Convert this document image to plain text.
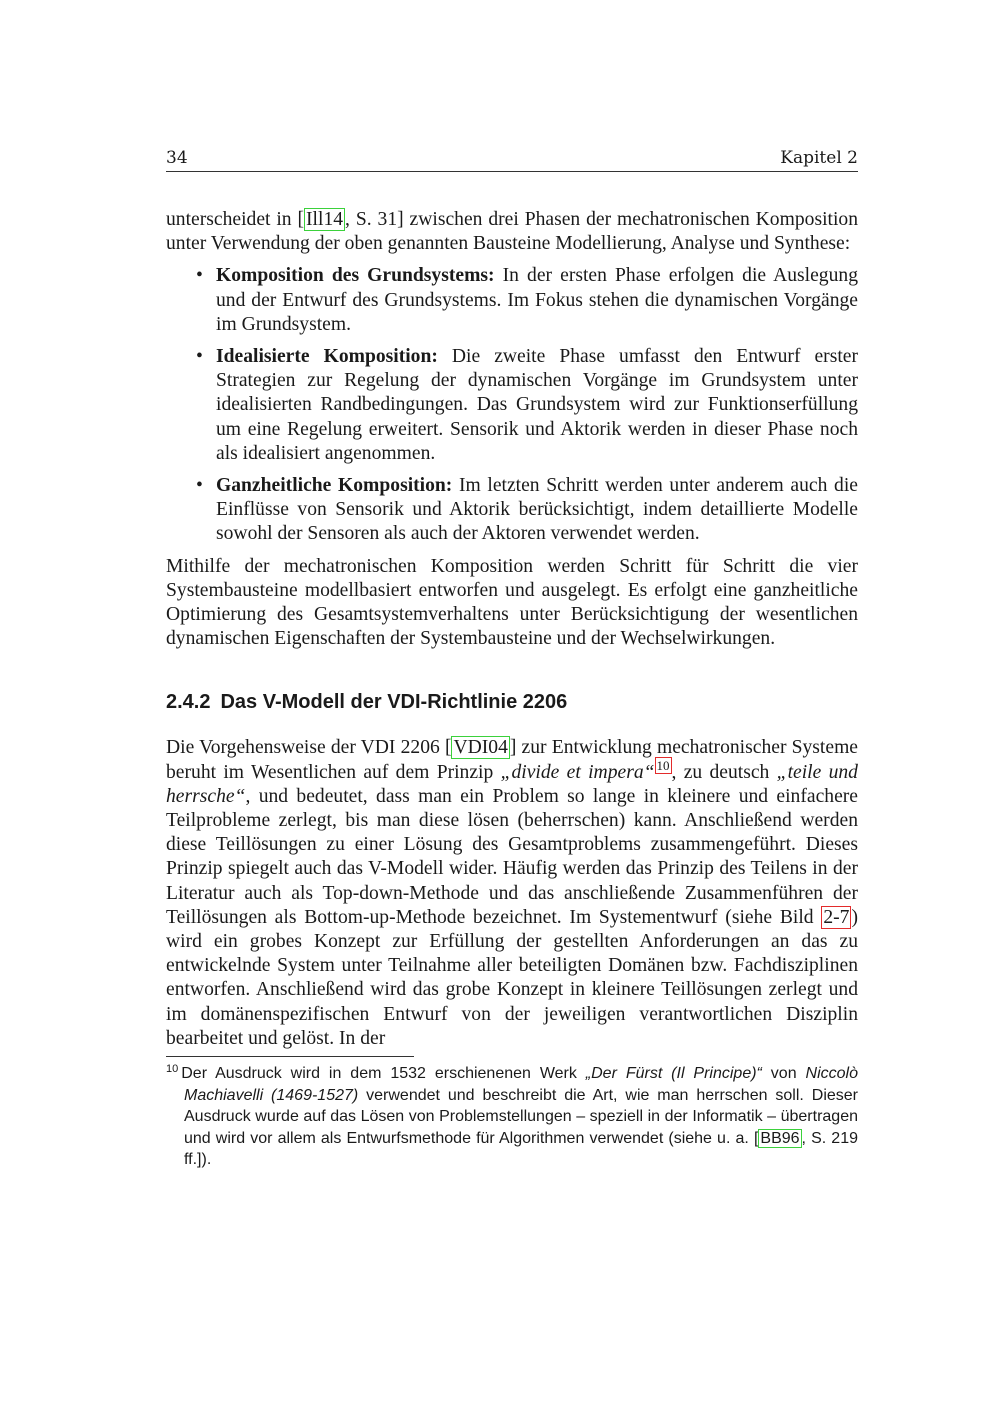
34	Kapitel 2

unterscheidet in [ Ill14 , S. 31] zwischen drei Phasen der mechatronischen Komposition unter Verwendung der oben genannten Bausteine Modellierung, Analyse und Synthese:

• Komposition des Grundsystems: In der ersten Phase erfolgen die Auslegung und der Entwurf des Grundsystems. Im Fokus stehen die dynamischen Vorgänge im Grundsystem.
• Idealisierte Komposition: Die zweite Phase umfasst den Entwurf erster Strategien zur Regelung der dynamischen Vorgänge im Grundsystem unter idealisierten Randbedingungen. Das Grundsystem wird zur Funktionserfüllung um eine Regelung erweitert. Sensorik und Aktorik werden in dieser Phase noch als idealisiert angenommen.
• Ganzheitliche Komposition: Im letzten Schritt werden unter anderem auch die Einflüsse von Sensorik und Aktorik berücksichtigt, indem detaillierte Modelle sowohl der Sensoren als auch der Aktoren verwendet werden.

Mithilfe der mechatronischen Komposition werden Schritt für Schritt die vier Systembausteine modellbasiert entworfen und ausgelegt. Es erfolgt eine ganzheitliche Optimierung des Gesamtsystemverhaltens unter Berücksichtigung der wesentlichen dynamischen Eigenschaften der Systembausteine und der Wechselwirkungen.

2.4.2 Das V-Modell der VDI-Richtlinie 2206

Die Vorgehensweise der VDI 2206 [ VDI04 ] zur Entwicklung mechatronischer Systeme beruht im Wesentlichen auf dem Prinzip „divide et impera“ $^{10}$ , zu deutsch „teile und herrsche“, und bedeutet, dass man ein Problem so lange in kleinere und einfachere Teilprobleme zerlegt, bis man diese lösen (beherrschen) kann. Anschließend werden diese Teillösungen zu einer Lösung des Gesamtproblems zusammengeführt. Dieses Prinzip spiegelt auch das V-Modell wider. Häufig werden das Prinzip des Teilens in der Literatur auch als Top-down-Methode und das anschließende Zusammenführen der Teillösungen als Bottom-up-Methode bezeichnet. Im Systementwurf (siehe Bild 2-7 ) wird ein grobes Konzept zur Erfüllung der gestellten Anforderungen an das zu entwickelnde System unter Teilnahme aller beteiligten Domänen bzw. Fachdisziplinen entworfen. Anschließend wird das grobe Konzept in kleinere Teillösungen zerlegt und im domänenspezifischen Entwurf von der jeweiligen verantwortlichen Disziplin bearbeitet und gelöst. In der

$^{10}$ Der Ausdruck wird in dem 1532 erschienenen Werk „Der Fürst (Il Principe)“ von Niccolò Machiavelli (1469-1527) verwendet und beschreibt die Art, wie man herrschen soll. Dieser Ausdruck wurde auf das Lösen von Problemstellungen – speziell in der Informatik – übertragen und wird vor allem als Entwurfsmethode für Algorithmen verwendet (siehe u. a. [ BB96 , S. 219 ff.]).
